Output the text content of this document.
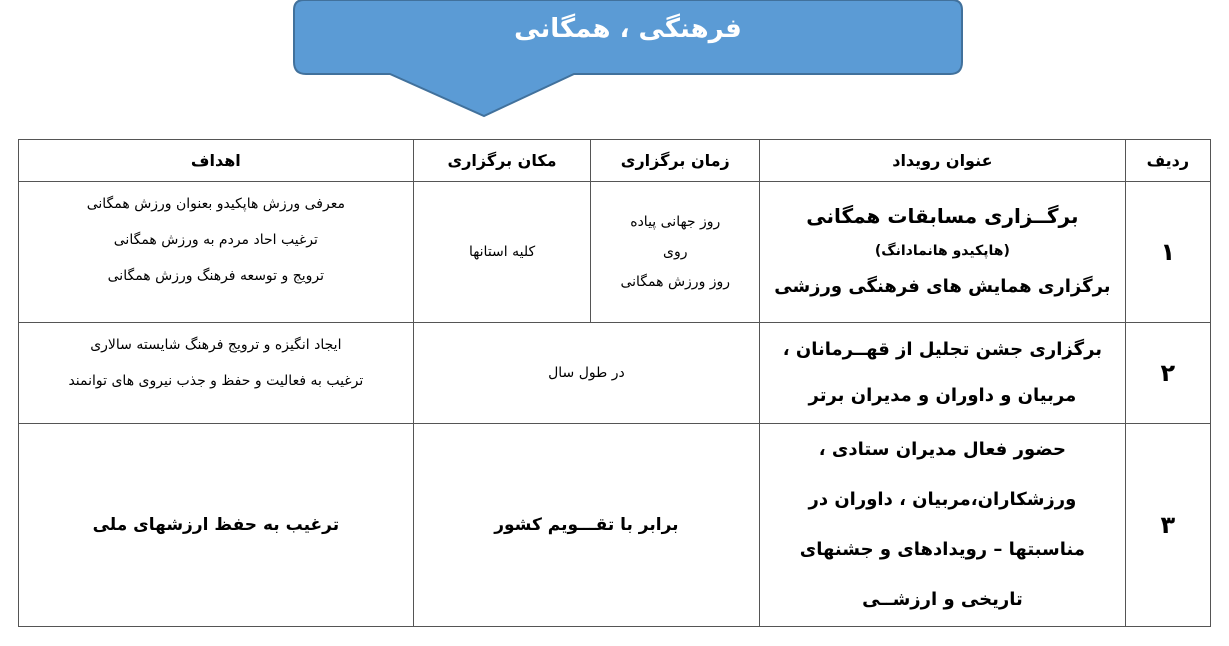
فرهنگی ، همگانی
ردیف	عنوان رویداد	زمان برگزاری	مکان برگزاری	اهداف
۱	برگــزاری مسابقات همگانی
(هاپکیدو هانمادانگ)
برگزاری همایش های فرهنگی ورزشی	روز جهانی پیاده
روی
روز ورزش همگانی	کلیه استانها	معرفی ورزش هاپکیدو بعنوان ورزش همگانی
ترغیب احاد مردم به ورزش همگانی
ترویج و توسعه فرهنگ ورزش همگانی

۲	برگزاری جشن تجلیل از قهــرمانان ،
مربیان و داوران و مدیران برتر	در طول سال		ایجاد انگیزه و ترویج فرهنگ شایسته سالاری
ترغیب به فعالیت و حفظ و جذب نیروی های توانمند

۳	حضور فعال مدیران ستادی ،
ورزشکاران،مربیان ، داوران در
مناسبتها – رویدادهای و جشنهای
تاریخی و ارزشــی	برابر با تقـــویم کشور		ترغیب به حفظ ارزشهای ملی
